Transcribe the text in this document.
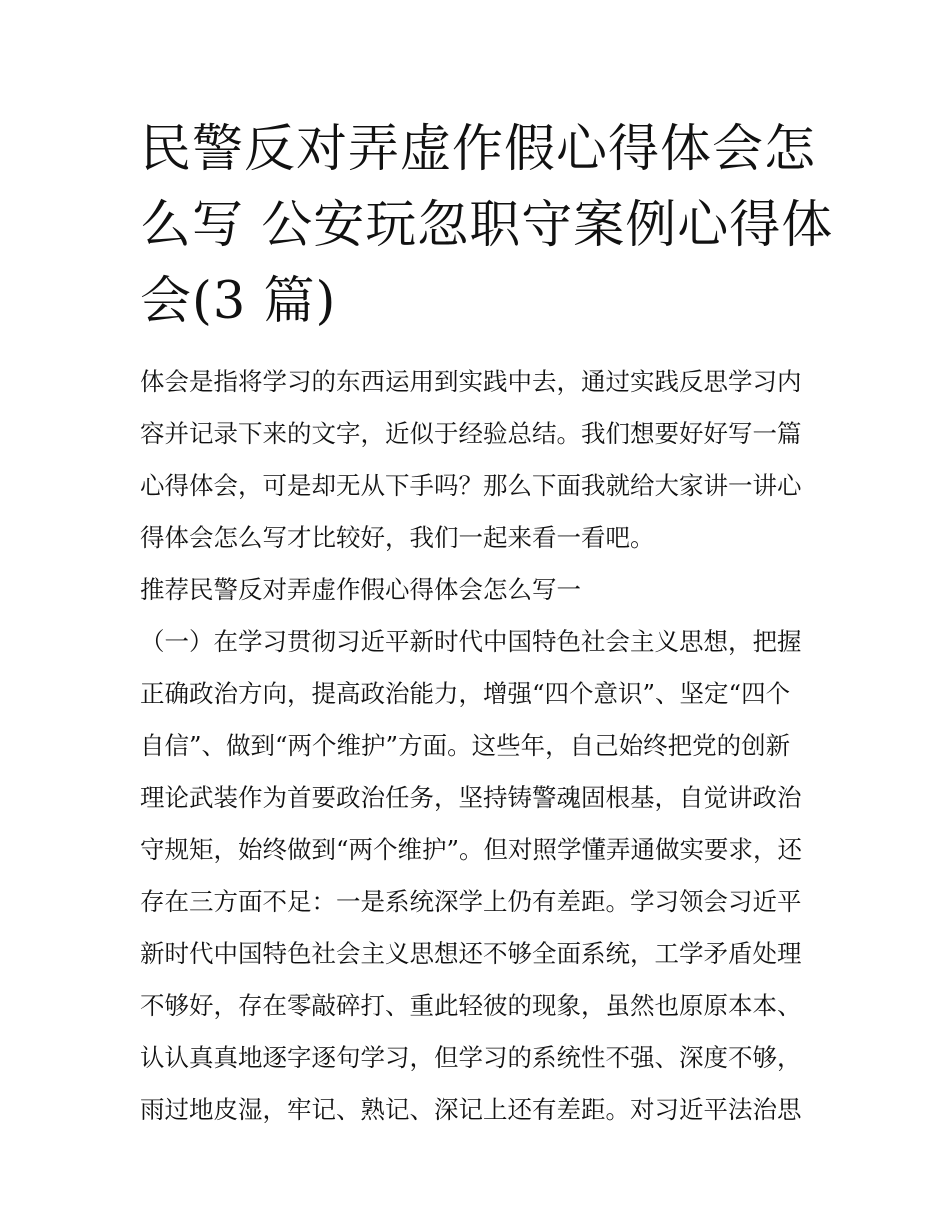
民警反对弄虚作假心得体会怎
么写 公安玩忽职守案例心得体
会(3 篇)

体会是指将学习的东西运用到实践中去，通过实践反思学习内
容并记录下来的文字，近似于经验总结。我们想要好好写一篇
心得体会，可是却无从下手吗？那么下面我就给大家讲一讲心
得体会怎么写才比较好，我们一起来看一看吧。

推荐民警反对弄虚作假心得体会怎么写一

（一）在学习贯彻习近平新时代中国特色社会主义思想，把握
正确政治方向，提高政治能力，增强“四个意识”、坚定“四个
自信”、做到“两个维护”方面。这些年，自己始终把党的创新
理论武装作为首要政治任务，坚持铸警魂固根基，自觉讲政治
守规矩，始终做到“两个维护”。但对照学懂弄通做实要求，还
存在三方面不足：一是系统深学上仍有差距。学习领会习近平
新时代中国特色社会主义思想还不够全面系统，工学矛盾处理
不够好，存在零敲碎打、重此轻彼的现象，虽然也原原本本、
认认真真地逐字逐句学习，但学习的系统性不强、深度不够，
雨过地皮湿，牢记、熟记、深记上还有差距。对习近平法治思
